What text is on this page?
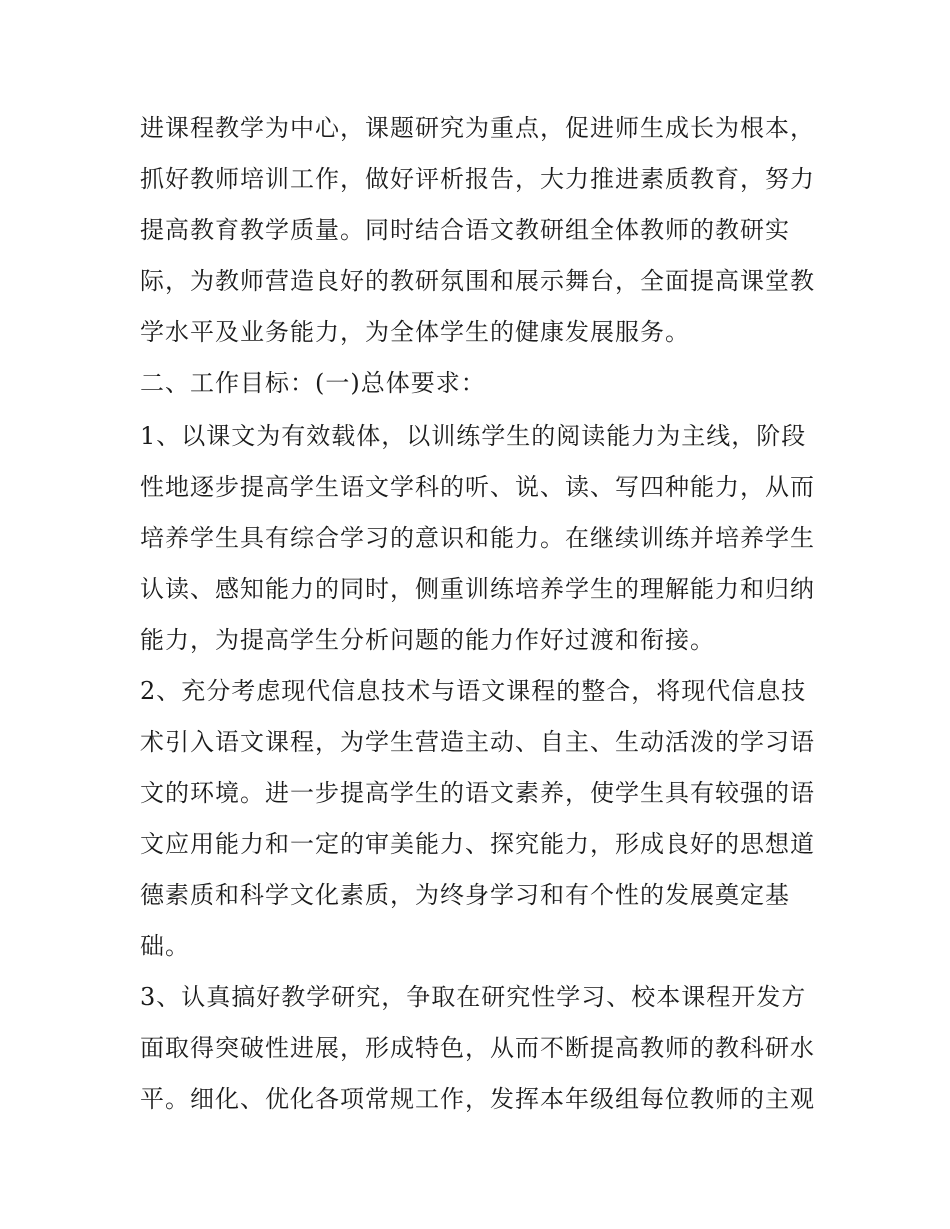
进课程教学为中心，课题研究为重点，促进师生成长为根本，
抓好教师培训工作，做好评析报告，大力推进素质教育，努力
提高教育教学质量。同时结合语文教研组全体教师的教研实
际，为教师营造良好的教研氛围和展示舞台，全面提高课堂教
学水平及业务能力，为全体学生的健康发展服务。
二、工作目标：(一)总体要求：
1、以课文为有效载体，以训练学生的阅读能力为主线，阶段
性地逐步提高学生语文学科的听、说、读、写四种能力，从而
培养学生具有综合学习的意识和能力。在继续训练并培养学生
认读、感知能力的同时，侧重训练培养学生的理解能力和归纳
能力，为提高学生分析问题的能力作好过渡和衔接。
2、充分考虑现代信息技术与语文课程的整合，将现代信息技
术引入语文课程，为学生营造主动、自主、生动活泼的学习语
文的环境。进一步提高学生的语文素养，使学生具有较强的语
文应用能力和一定的审美能力、探究能力，形成良好的思想道
德素质和科学文化素质，为终身学习和有个性的发展奠定基
础。
3、认真搞好教学研究，争取在研究性学习、校本课程开发方
面取得突破性进展，形成特色，从而不断提高教师的教科研水
平。细化、优化各项常规工作，发挥本年级组每位教师的主观
